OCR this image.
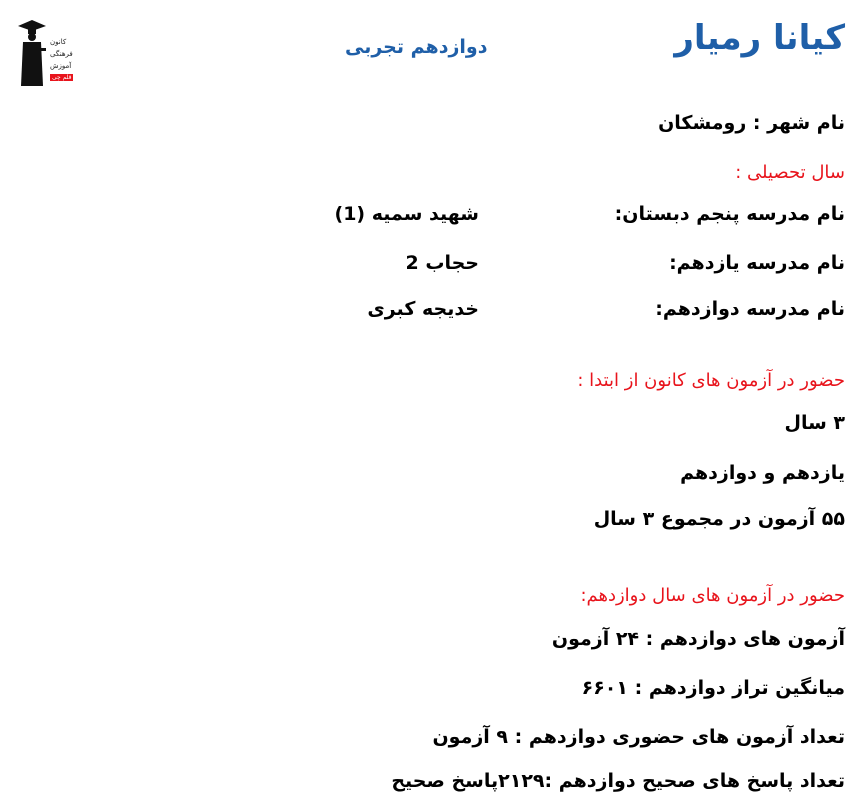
کانون
فرهنگی
آموزش
قلم چی
کیانا رمیار
دوازدهم تجربی
نام شهر : رومشکان
سال تحصیلی :
نام مدرسه پنجم دبستان:
شهید سمیه (1)
نام مدرسه یازدهم:
حجاب 2
نام مدرسه دوازدهم:
خدیجه کبری
حضور در آزمون های کانون از ابتدا :
۳ سال
یازدهم و دوازدهم
۵۵ آزمون در مجموع ۳ سال
حضور در آزمون های سال دوازدهم:
آزمون های دوازدهم : ۲۴ آزمون
میانگین تراز دوازدهم : ۶۶۰۱
تعداد آزمون های حضوری دوازدهم : ۹ آزمون
تعداد پاسخ های صحیح دوازدهم :۲۱۲۹پاسخ صحیح
